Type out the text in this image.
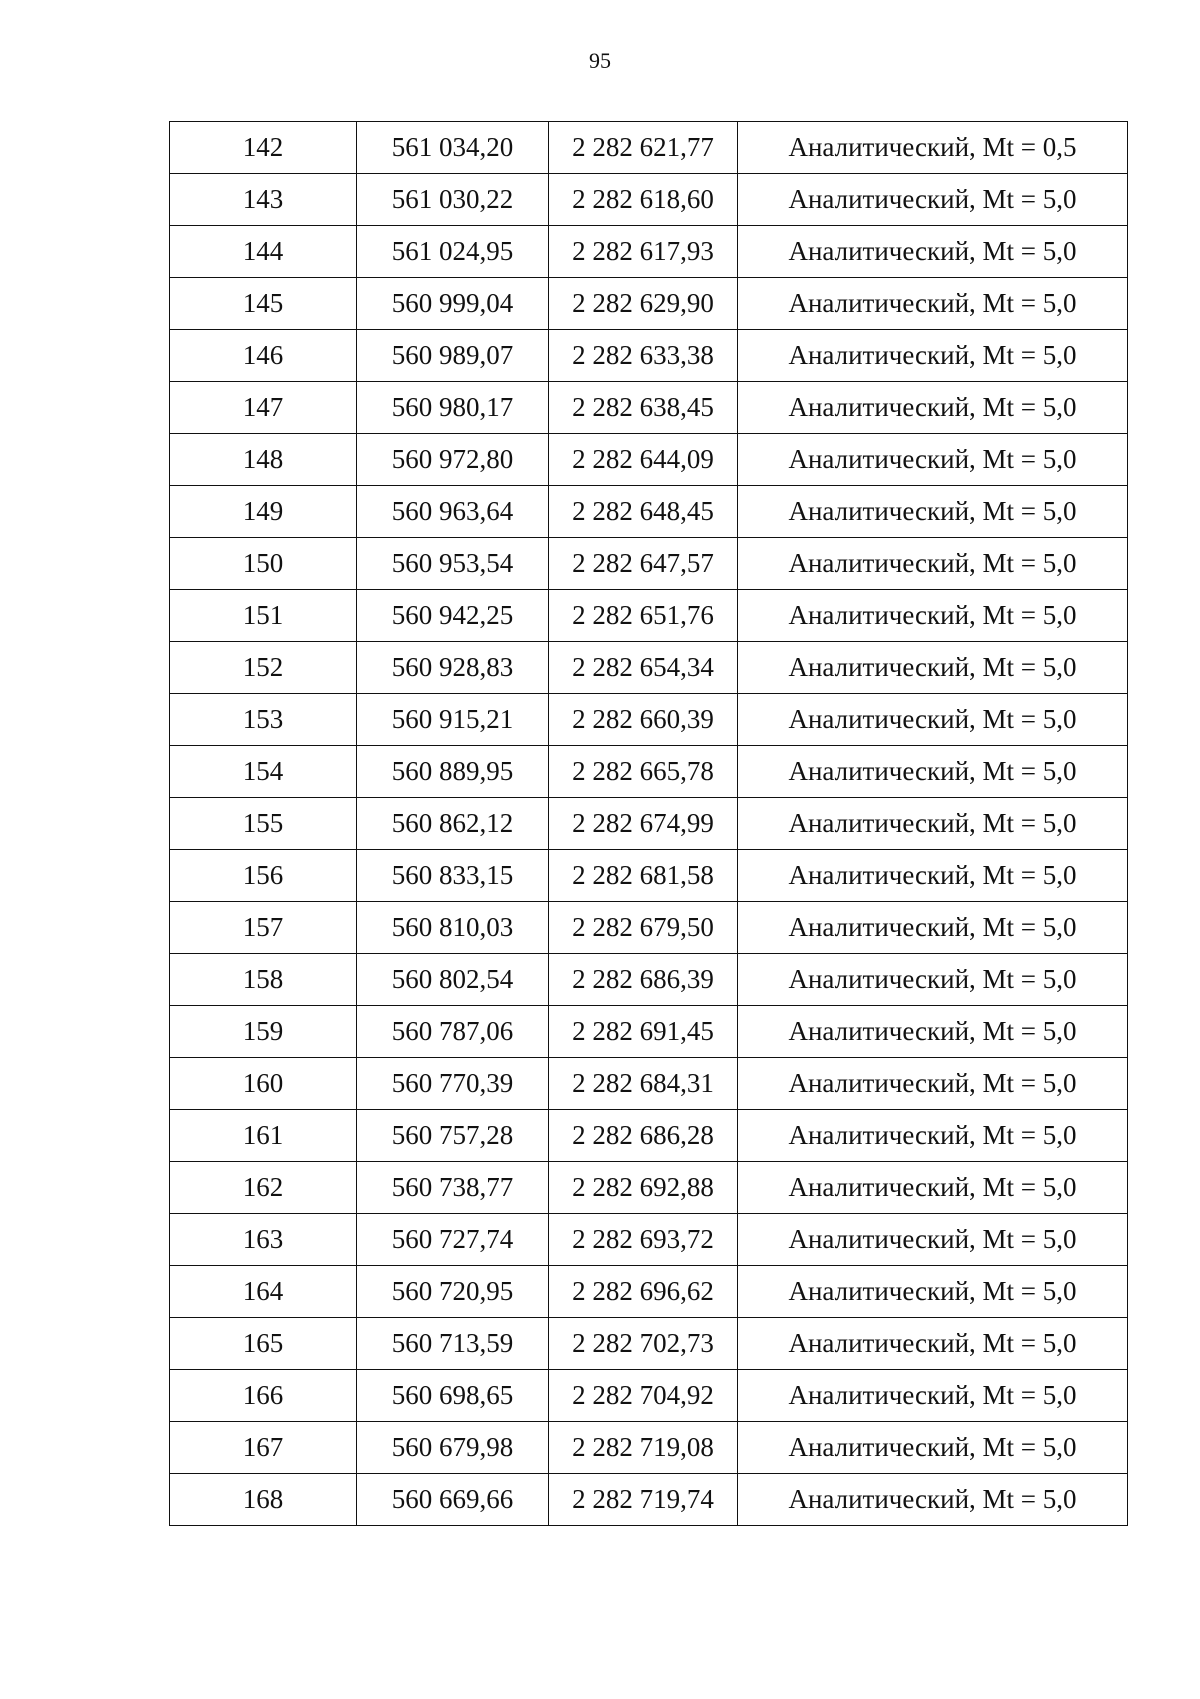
95
142	561 034,20	2 282 621,77	Аналитический, Mt = 0,5
143	561 030,22	2 282 618,60	Аналитический, Mt = 5,0
144	561 024,95	2 282 617,93	Аналитический, Mt = 5,0
145	560 999,04	2 282 629,90	Аналитический, Mt = 5,0
146	560 989,07	2 282 633,38	Аналитический, Mt = 5,0
147	560 980,17	2 282 638,45	Аналитический, Mt = 5,0
148	560 972,80	2 282 644,09	Аналитический, Mt = 5,0
149	560 963,64	2 282 648,45	Аналитический, Mt = 5,0
150	560 953,54	2 282 647,57	Аналитический, Mt = 5,0
151	560 942,25	2 282 651,76	Аналитический, Mt = 5,0
152	560 928,83	2 282 654,34	Аналитический, Mt = 5,0
153	560 915,21	2 282 660,39	Аналитический, Mt = 5,0
154	560 889,95	2 282 665,78	Аналитический, Mt = 5,0
155	560 862,12	2 282 674,99	Аналитический, Mt = 5,0
156	560 833,15	2 282 681,58	Аналитический, Mt = 5,0
157	560 810,03	2 282 679,50	Аналитический, Mt = 5,0
158	560 802,54	2 282 686,39	Аналитический, Mt = 5,0
159	560 787,06	2 282 691,45	Аналитический, Mt = 5,0
160	560 770,39	2 282 684,31	Аналитический, Mt = 5,0
161	560 757,28	2 282 686,28	Аналитический, Mt = 5,0
162	560 738,77	2 282 692,88	Аналитический, Mt = 5,0
163	560 727,74	2 282 693,72	Аналитический, Mt = 5,0
164	560 720,95	2 282 696,62	Аналитический, Mt = 5,0
165	560 713,59	2 282 702,73	Аналитический, Mt = 5,0
166	560 698,65	2 282 704,92	Аналитический, Mt = 5,0
167	560 679,98	2 282 719,08	Аналитический, Mt = 5,0
168	560 669,66	2 282 719,74	Аналитический, Mt = 5,0
